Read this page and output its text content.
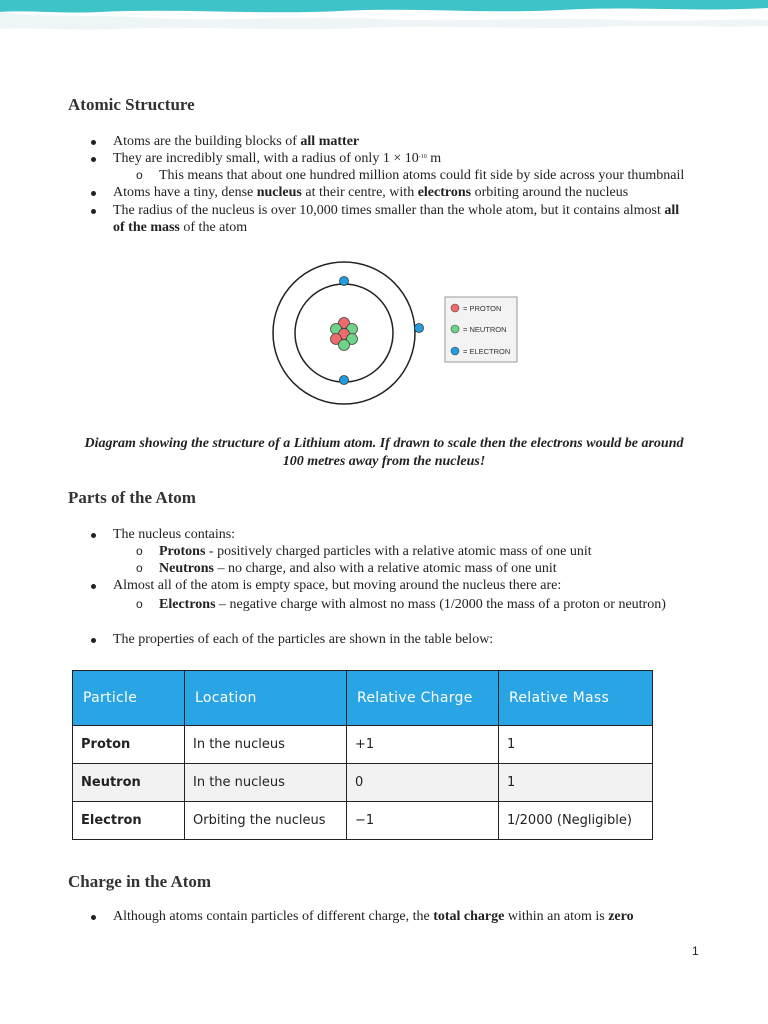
Atomic Structure
Atoms are the building blocks of all matter
They are incredibly small, with a radius of only $1 \times 10^{-10}$ m
o This means that about one hundred million atoms could fit side by side across your thumbnail
Atoms have a tiny, dense nucleus at their centre, with electrons orbiting around the nucleus
The radius of the nucleus is over 10,000 times smaller than the whole atom, but it contains almost all
of the mass of the atom
= PROTON
= NEUTRON
= ELECTRON
Diagram showing the structure of a Lithium atom. If drawn to scale then the electrons would be around
100 metres away from the nucleus!
Parts of the Atom
The nucleus contains:
o Protons - positively charged particles with a relative atomic mass of one unit
o Neutrons – no charge, and also with a relative atomic mass of one unit
Almost all of the atom is empty space, but moving around the nucleus there are:
o Electrons – negative charge with almost no mass (1/2000 the mass of a proton or neutron)
The properties of each of the particles are shown in the table below:
Particle	Location	Relative Charge	Relative Mass
Proton	In the nucleus	+1	1
Neutron	In the nucleus	0	1
Electron	Orbiting the nucleus	−1	1/2000 (Negligible)
Charge in the Atom
Although atoms contain particles of different charge, the total charge within an atom is zero
1
